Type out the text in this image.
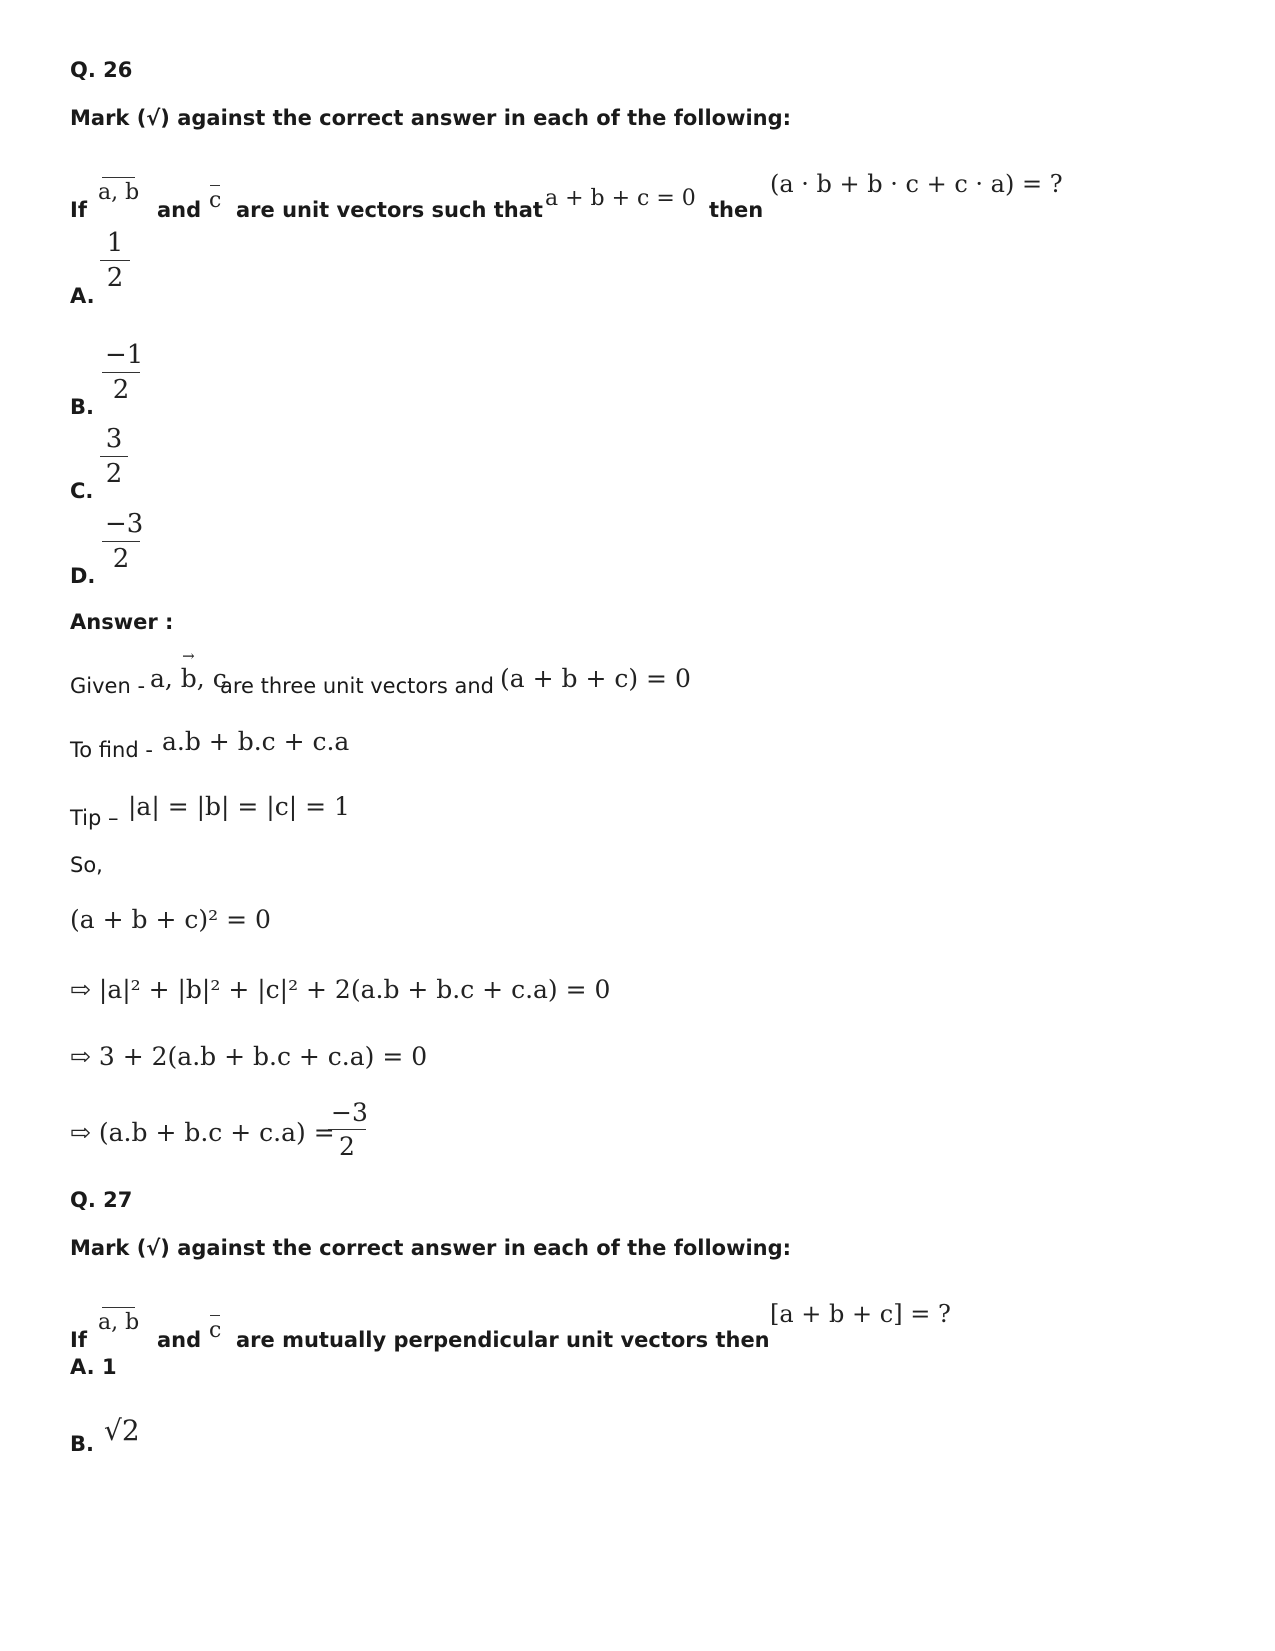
Q. 26
Mark (√) against the correct answer in each of the following:
If
a, b
and c are unit vectors such that a + b + c = 0 then
(a · b + b · c + c · a) = ?
A.
1
2
B.
−1
2
C.
3
2
D.
−3
2
Answer :
Given - a, b, c →
are three unit vectors and (a + b + c) = 0
To find - a.b + b.c + c.a
Tip – |a| = |b| = |c| = 1
So,
(a + b + c)² = 0
⇨ |a|² + |b|² + |c|² + 2(a.b + b.c + c.a) = 0
⇨ 3 + 2(a.b + b.c + c.a) = 0
⇨ (a.b + b.c + c.a) =
−3
2
Q. 27
Mark (√) against the correct answer in each of the following:
If
a, b
and c are mutually perpendicular unit vectors then
[a + b + c] = ?
A. 1
B. √2
